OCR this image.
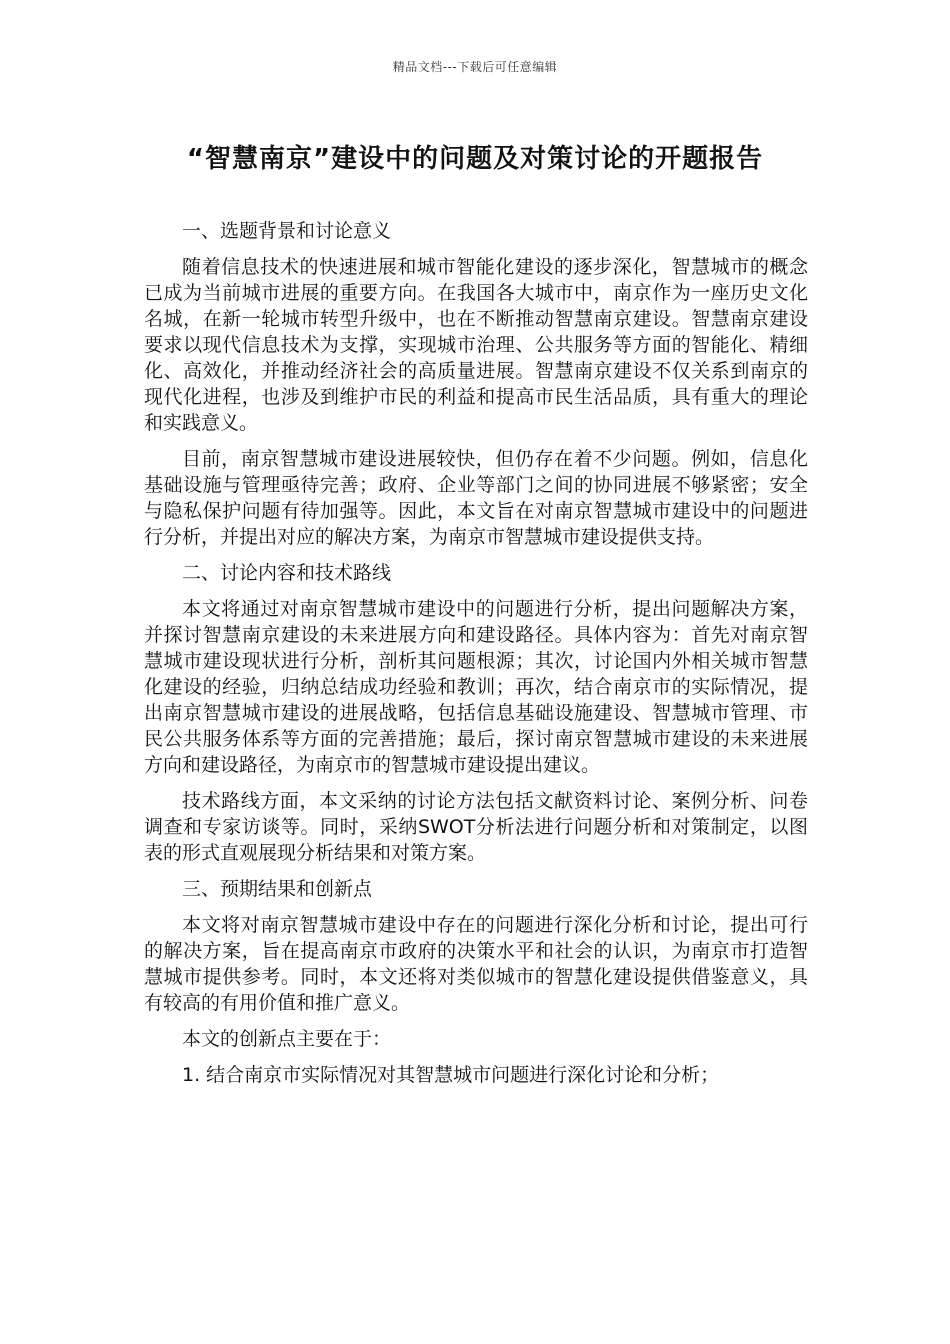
精品文档---下载后可任意编辑
“智慧南京”建设中的问题及对策讨论的开题报告

一、选题背景和讨论意义

随着信息技术的快速进展和城市智能化建设的逐步深化，智慧城市的概念已成为当前城市进展的重要方向。在我国各大城市中，南京作为一座历史文化名城，在新一轮城市转型升级中，也在不断推动智慧南京建设。智慧南京建设要求以现代信息技术为支撑，实现城市治理、公共服务等方面的智能化、精细化、高效化，并推动经济社会的高质量进展。智慧南京建设不仅关系到南京的现代化进程，也涉及到维护市民的利益和提高市民生活品质，具有重大的理论和实践意义。

目前，南京智慧城市建设进展较快，但仍存在着不少问题。例如，信息化基础设施与管理亟待完善；政府、企业等部门之间的协同进展不够紧密；安全与隐私保护问题有待加强等。因此，本文旨在对南京智慧城市建设中的问题进行分析，并提出对应的解决方案，为南京市智慧城市建设提供支持。

二、讨论内容和技术路线

本文将通过对南京智慧城市建设中的问题进行分析，提出问题解决方案，并探讨智慧南京建设的未来进展方向和建设路径。具体内容为：首先对南京智慧城市建设现状进行分析，剖析其问题根源；其次，讨论国内外相关城市智慧化建设的经验，归纳总结成功经验和教训；再次，结合南京市的实际情况，提出南京智慧城市建设的进展战略，包括信息基础设施建设、智慧城市管理、市民公共服务体系等方面的完善措施；最后，探讨南京智慧城市建设的未来进展方向和建设路径，为南京市的智慧城市建设提出建议。

技术路线方面，本文采纳的讨论方法包括文献资料讨论、案例分析、问卷调查和专家访谈等。同时，采纳SWOT分析法进行问题分析和对策制定，以图表的形式直观展现分析结果和对策方案。

三、预期结果和创新点

本文将对南京智慧城市建设中存在的问题进行深化分析和讨论，提出可行的解决方案，旨在提高南京市政府的决策水平和社会的认识，为南京市打造智慧城市提供参考。同时，本文还将对类似城市的智慧化建设提供借鉴意义，具有较高的有用价值和推广意义。

本文的创新点主要在于：

1. 结合南京市实际情况对其智慧城市问题进行深化讨论和分析；
